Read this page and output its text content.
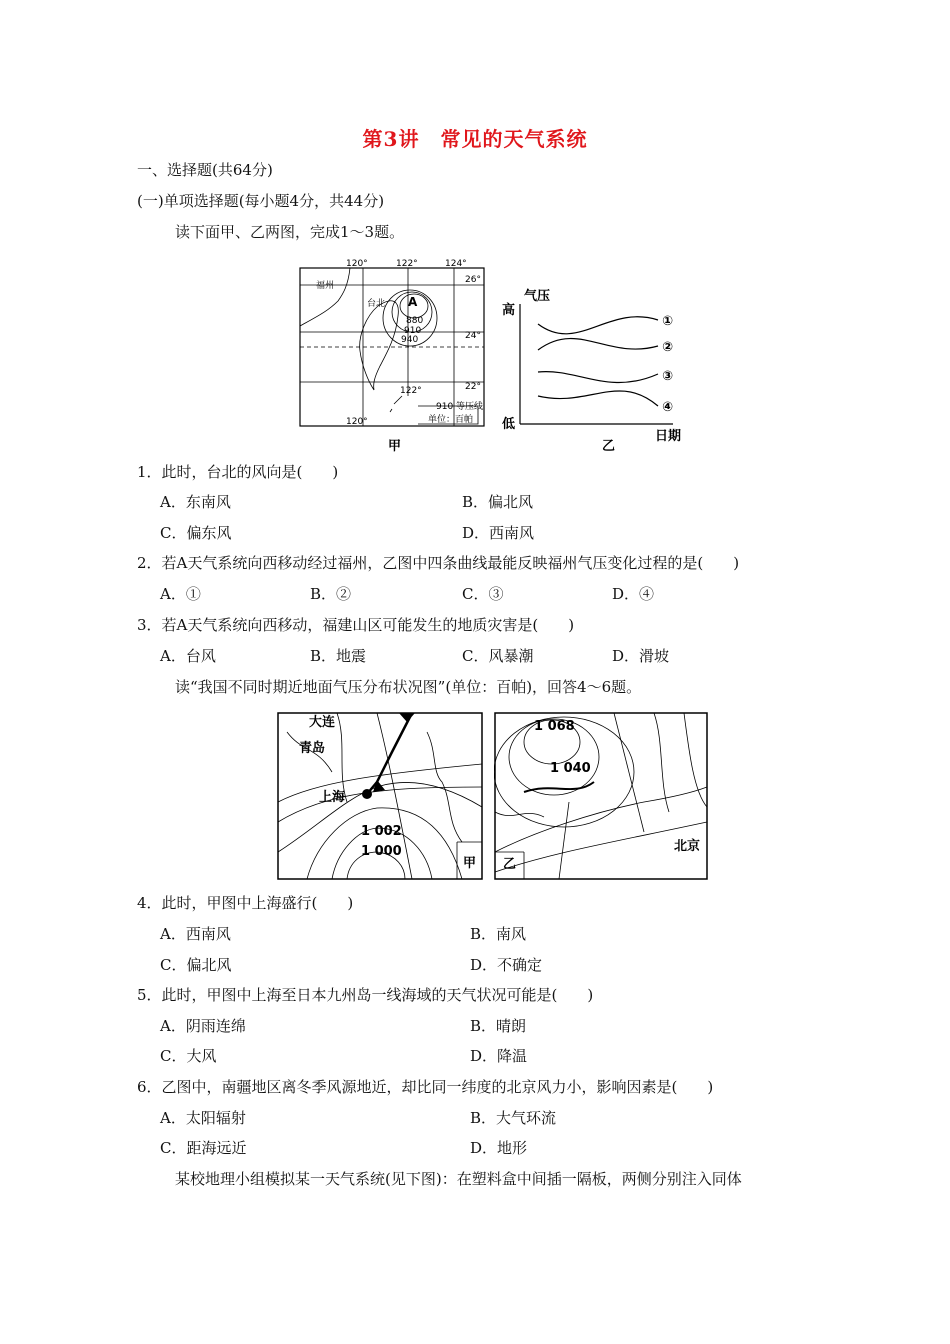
第3讲　常见的天气系统
一、选择题(共64分)
(一)单项选择题(每小题4分，共44分)
读下面甲、乙两图，完成1～3题。
120°	122°	124°
122°
120°
26°
24°
22°
福州
台北 A
880
910
940
910 等压线
单位：百帕
甲
气压
高
低
日期
①
②
③
④
乙
1．此时，台北的风向是(　　)
A．东南风	B．偏北风
C．偏东风	D．西南风
2．若A天气系统向西移动经过福州，乙图中四条曲线最能反映福州气压变化过程的是(　　)
A．①	B．②	C．③	D．④
3．若A天气系统向西移动，福建山区可能发生的地质灾害是(　　)
A．台风	B．地震	C．风暴潮	D．滑坡
读“我国不同时期近地面气压分布状况图”(单位：百帕)，回答4～6题。
大连
青岛
上海
1 002
1 000
甲
1 068
1 040
北京
乙
4．此时，甲图中上海盛行(　　)
A．西南风	B．南风
C．偏北风	D．不确定
5．此时，甲图中上海至日本九州岛一线海域的天气状况可能是(　　)
A．阴雨连绵	B．晴朗
C．大风	D．降温
6．乙图中，南疆地区离冬季风源地近，却比同一纬度的北京风力小，影响因素是(　　)
A．太阳辐射	B．大气环流
C．距海远近	D．地形
某校地理小组模拟某一天气系统(见下图)：在塑料盒中间插一隔板，两侧分别注入同体
